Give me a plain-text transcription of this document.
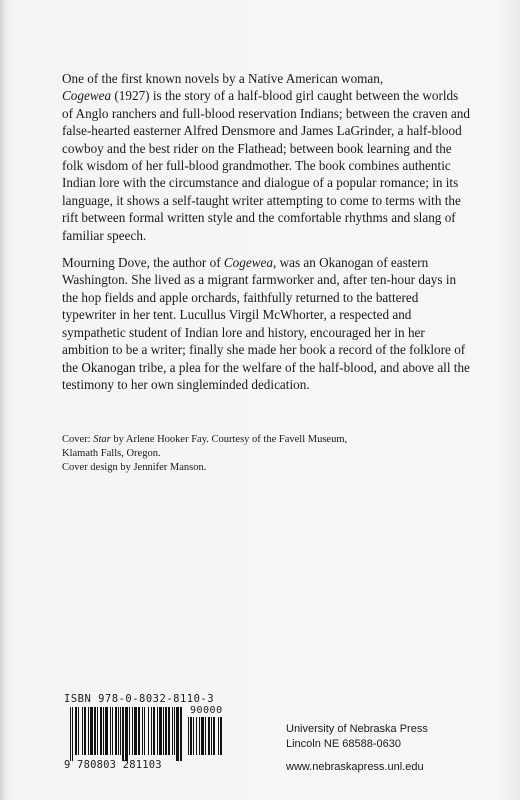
One of the first known novels by a Native American woman,
Cogewea (1927) is the story of a half-blood girl caught between the worlds of Anglo ranchers and full-blood reservation Indians; between the craven and false-hearted easterner Alfred Densmore and James LaGrinder, a half-blood cowboy and the best rider on the Flathead; between book learning and the folk wisdom of her full-blood grandmother. The book combines authentic Indian lore with the circumstance and dialogue of a popular romance; in its language, it shows a self-taught writer attempting to come to terms with the rift between formal written style and the comfortable rhythms and slang of familiar speech.

Mourning Dove, the author of Cogewea, was an Okanogan of eastern Washington. She lived as a migrant farmworker and, after ten-hour days in the hop fields and apple orchards, faithfully returned to the battered typewriter in her tent. Lucullus Virgil McWhorter, a respected and sympathetic student of Indian lore and history, encouraged her in her ambition to be a writer; finally she made her book a record of the folklore of the Okanogan tribe, a plea for the welfare of the half-blood, and above all the testimony to her own singleminded dedication.

Cover: Star by Arlene Hooker Fay. Courtesy of the Favell Museum,
Klamath Falls, Oregon.
Cover design by Jennifer Manson.
ISBN 978-0-8032-8110-3
90000
9 780803 281103
University of Nebraska Press
Lincoln NE 68588-0630
www.nebraskapress.unl.edu
